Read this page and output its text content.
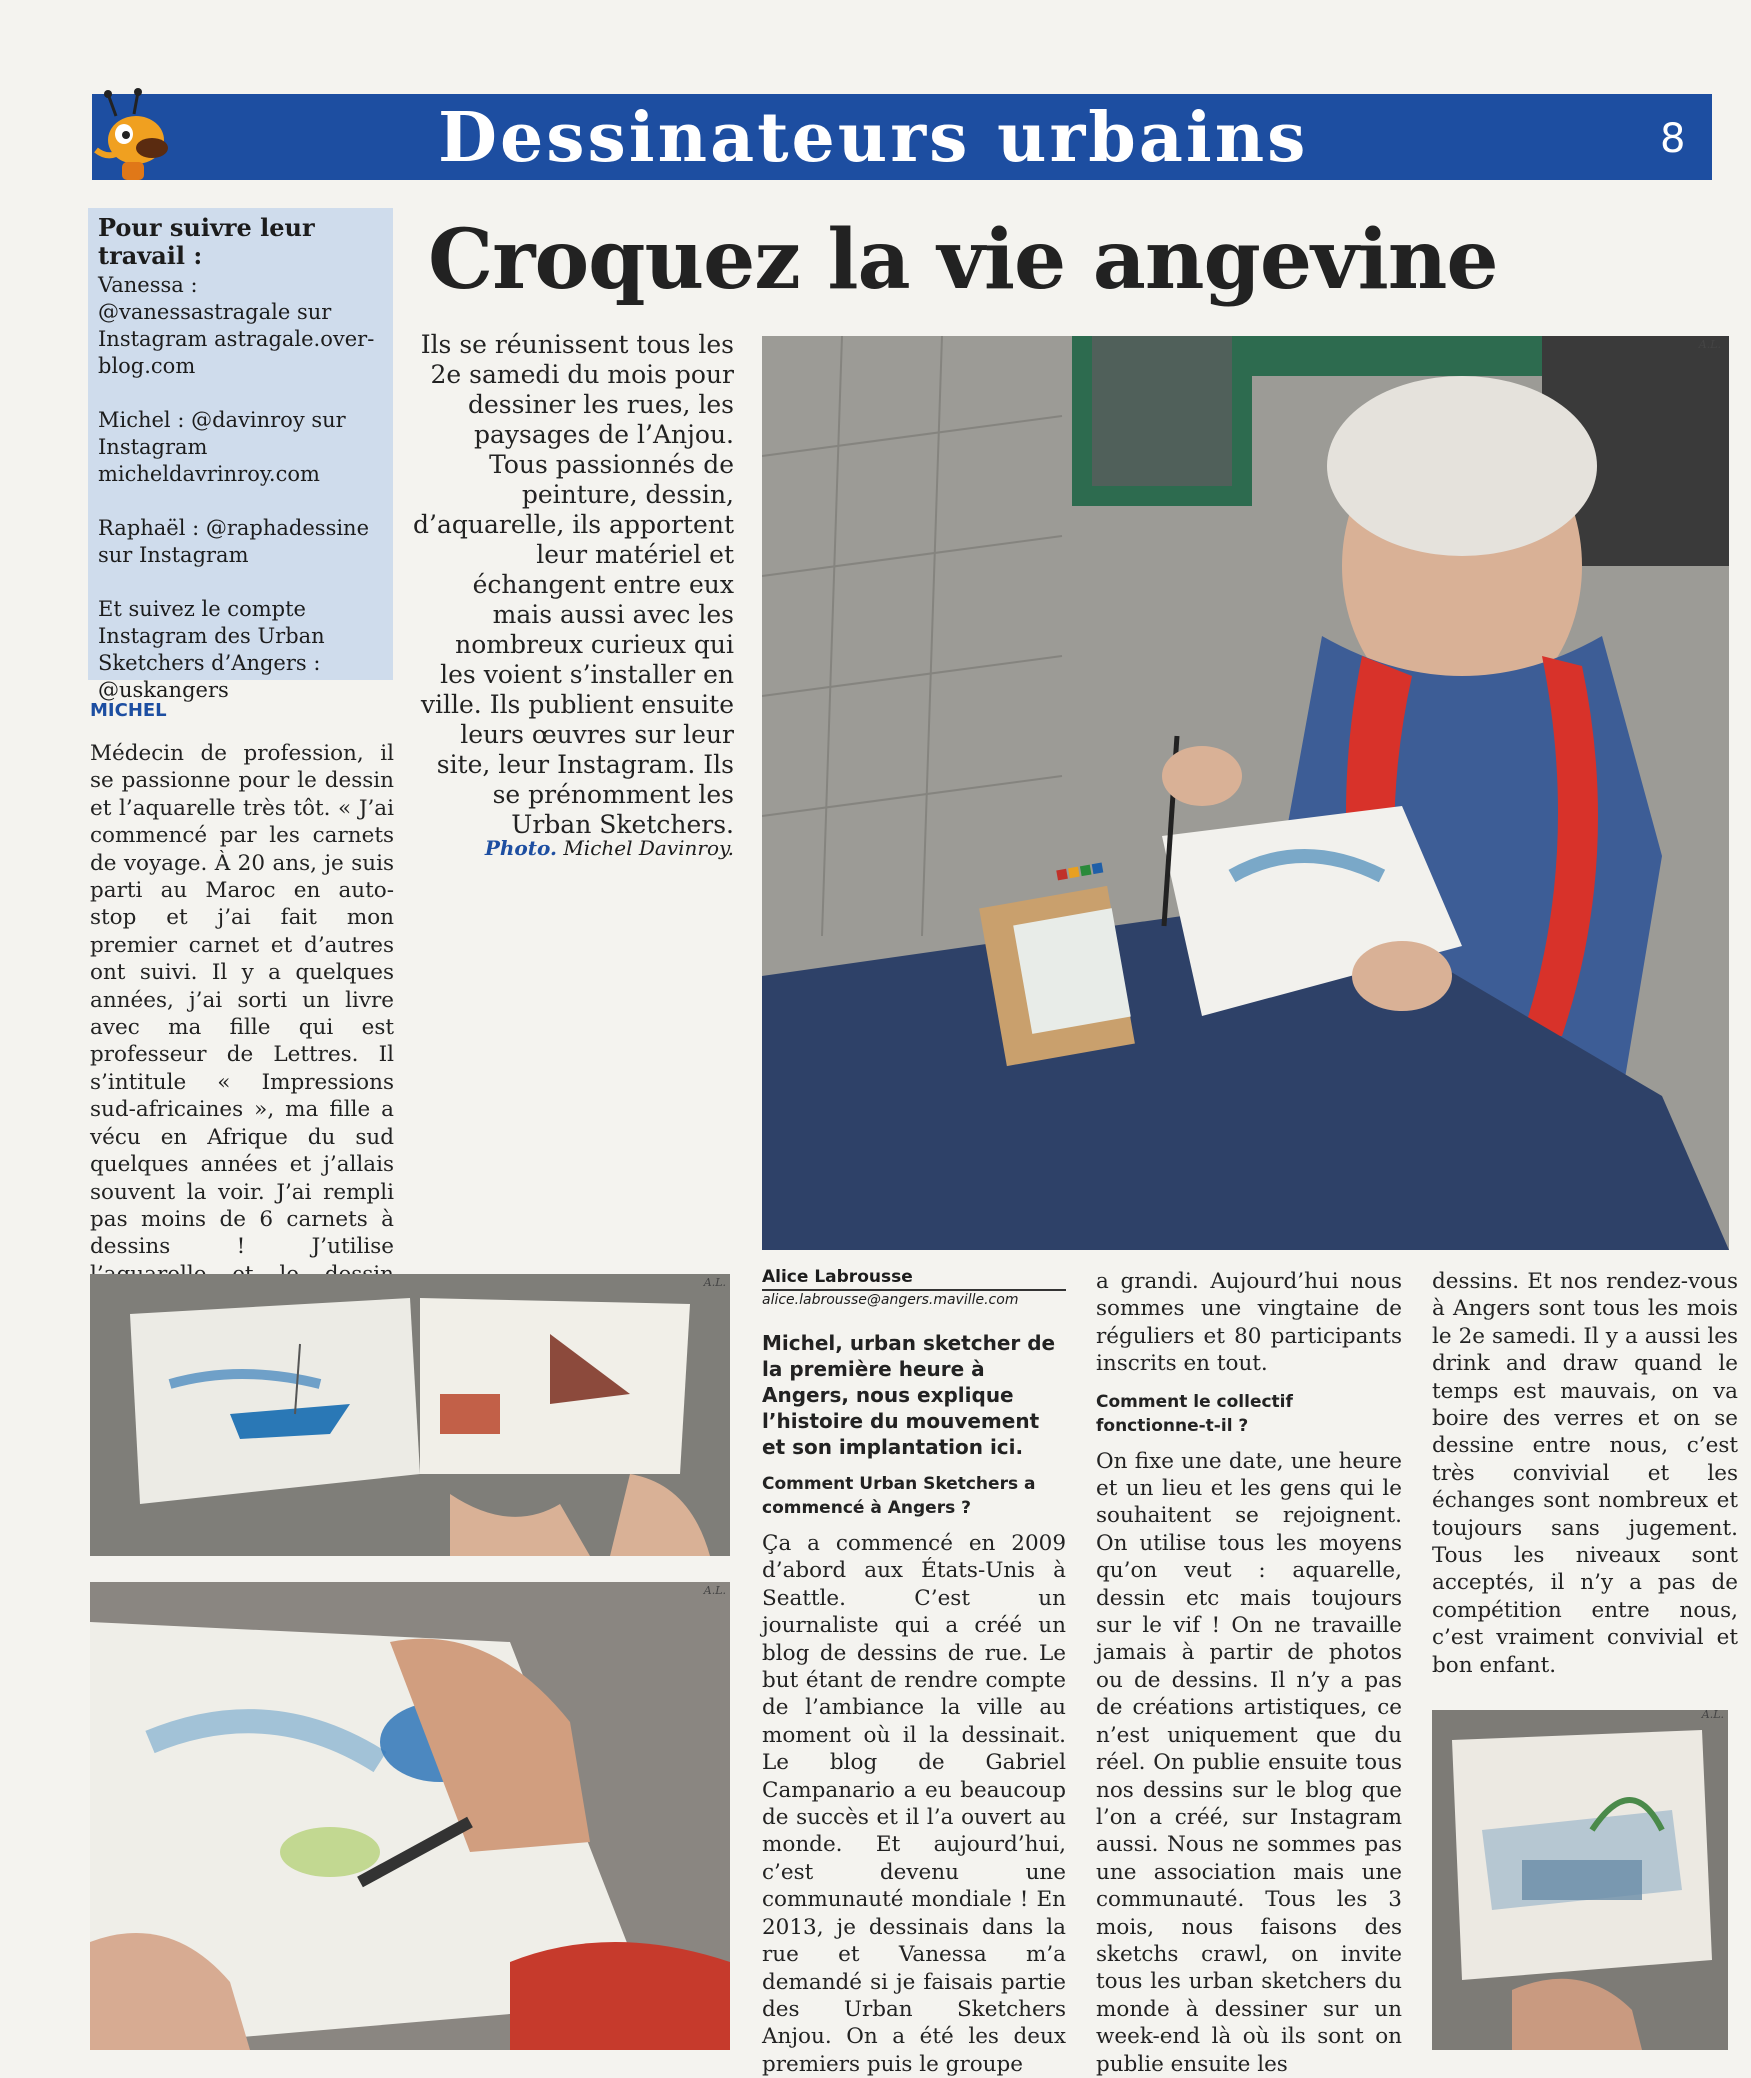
Dessinateurs urbains	8

Pour suivre leur travail :

Vanessa : @vanessastragale sur Instagram astragale.over-blog.com

Michel : @davinroy sur Instagram micheldavrinroy.com

Raphaël : @raphadessine sur Instagram

Et suivez le compte Instagram des Urban Sketchers d’Angers : @uskangers

Croquez la vie angevine
Ils se réunissent tous les 2e samedi du mois pour dessiner les rues, les paysages de l’Anjou. Tous passionnés de peinture, dessin, d’aquarelle, ils apportent leur matériel et échangent entre eux mais aussi avec les nombreux curieux qui les voient s’installer en ville. Ils publient ensuite leurs œuvres sur leur site, leur Instagram. Ils se prénomment les Urban Sketchers.
Photo. Michel Davinroy.
MICHEL
Médecin de profession, il se passionne pour le dessin et l’aquarelle très tôt. « J’ai commencé par les carnets de voyage. À 20 ans, je suis parti au Maroc en auto-stop et j’ai fait mon premier carnet et d’autres ont suivi. Il y a quelques années, j’ai sorti un livre avec ma fille qui est professeur de Lettres. Il s’intitule « Impressions sud-africaines », ma fille a vécu en Afrique du sud quelques années et j’allais souvent la voir. J’ai rempli pas moins de 6 carnets à dessins ! J’utilise
A.L.
A.L.
A.L.
A.L.
Alice Labrousse
alice.labrousse@angers.maville.com

Michel, urban sketcher de la première heure à Angers, nous explique l’histoire du mouvement et son implantation ici.

Comment Urban Sketchers a commencé à Angers ?

Ça a commencé en 2009 d’abord aux États-Unis à Seattle. C’est un journaliste qui a créé un blog de dessins de rue. Le but étant de rendre compte de l’ambiance la ville au moment où il la dessinait. Le blog de Gabriel Campanario a eu beaucoup de succès et il l’a ouvert au monde. Et aujourd’hui, c’est devenu une communauté mondiale ! En 2013, je dessinais dans la rue et Vanessa m’a demandé si je faisais partie des Urban Sketchers Anjou. On a été les deux premiers puis le groupe

a grandi. Aujourd’hui nous sommes une vingtaine de réguliers et 80 participants inscrits en tout.

Comment le collectif fonctionne-t-il ?

On fixe une date, une heure et un lieu et les gens qui le souhaitent se rejoignent. On utilise tous les moyens qu’on veut : aquarelle, dessin etc mais toujours sur le vif ! On ne travaille jamais à partir de photos ou de dessins. Il n’y a pas de créations artistiques, ce n’est uniquement que du réel. On publie ensuite tous nos dessins sur le blog que l’on a créé, sur Instagram aussi. Nous ne sommes pas une association mais une communauté. Tous les 3 mois, nous faisons des sketchs crawl, on invite tous les urban sketchers du monde à dessiner sur un week-end là où ils sont on publie ensuite les

dessins. Et nos rendez-vous à Angers sont tous les mois le 2e samedi. Il y a aussi les drink and draw quand le temps est mauvais, on va boire des verres et on se dessine entre nous, c’est très convivial et les échanges sont nombreux et toujours sans jugement. Tous les niveaux sont acceptés, il n’y a pas de compétition entre nous, c’est vraiment convivial et bon enfant.
